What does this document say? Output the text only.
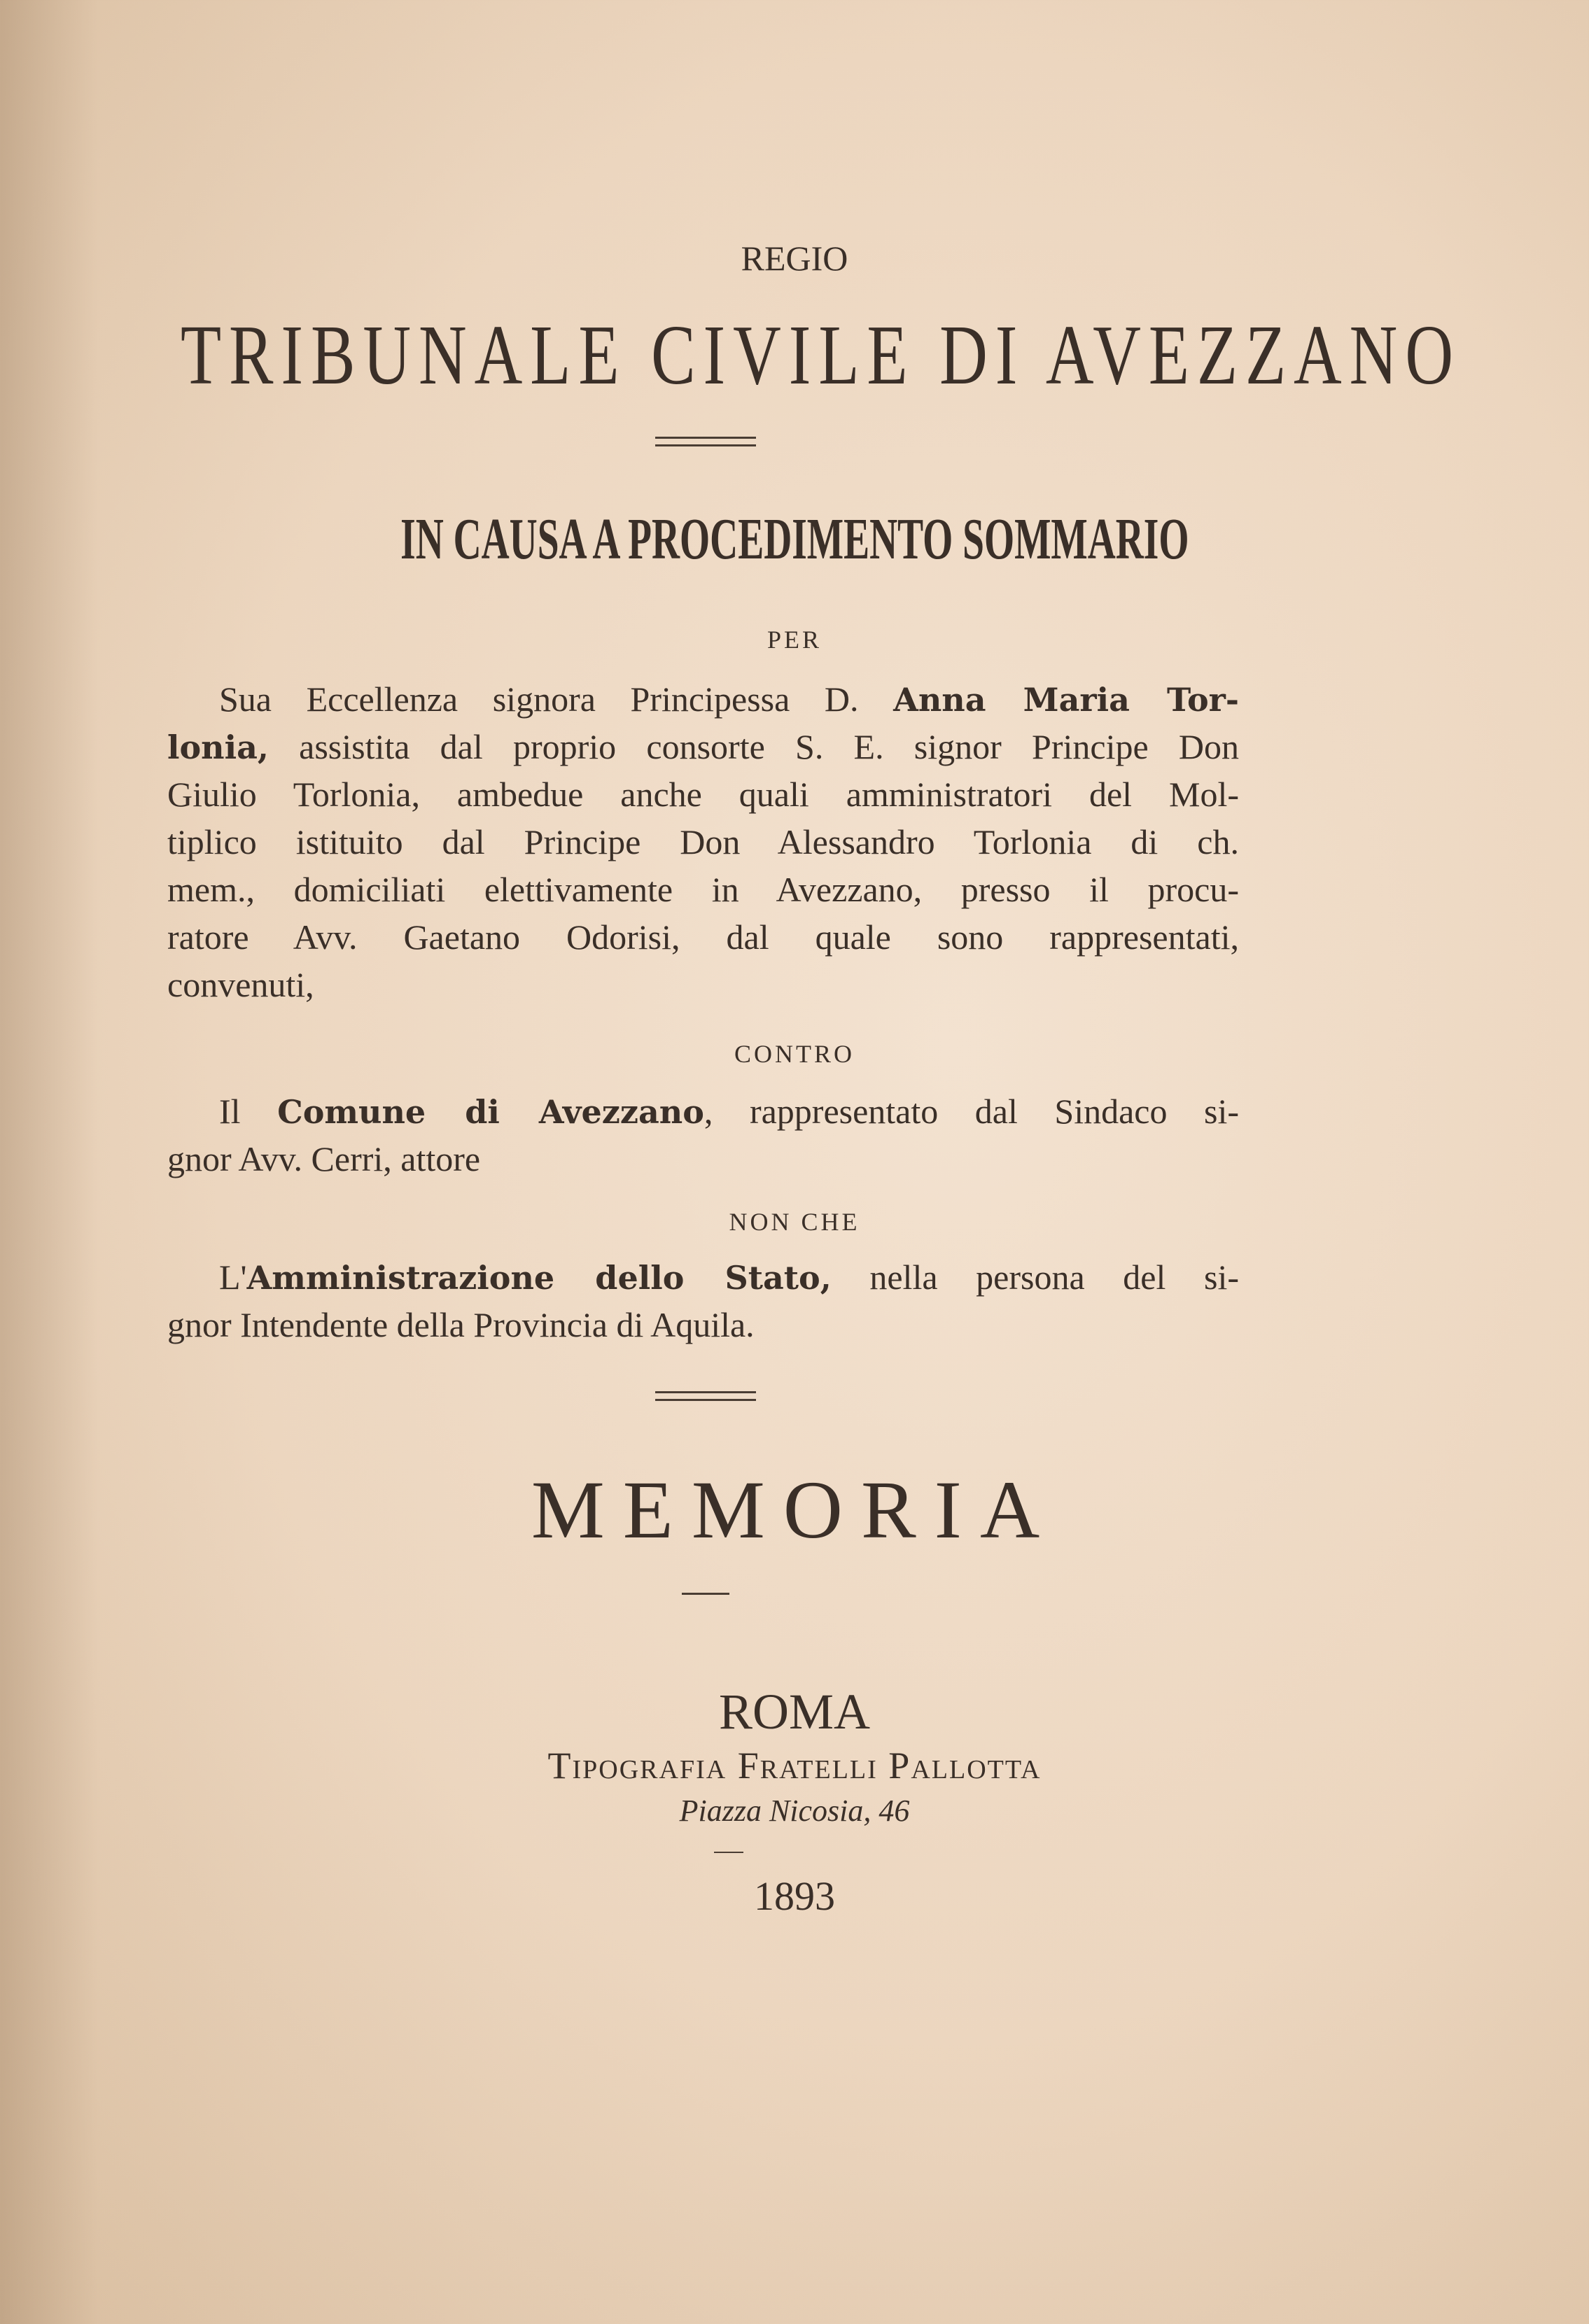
REGIO
TRIBUNALE CIVILE DI AVEZZANO
IN CAUSA A PROCEDIMENTO SOMMARIO
PER
Sua Eccellenza signora Principessa D. Anna Maria Tor-
lonia, assistita dal proprio consorte S. E. signor Principe Don
Giulio Torlonia, ambedue anche quali amministratori del Mol-
tiplico istituito dal Principe Don Alessandro Torlonia di ch.
mem., domiciliati elettivamente in Avezzano, presso il procu-
ratore Avv. Gaetano Odorisi, dal quale sono rappresentati,
convenuti,
CONTRO
Il Comune di Avezzano, rappresentato dal Sindaco si-
gnor Avv. Cerri, attore
NON CHE
L'Amministrazione dello Stato, nella persona del si-
gnor Intendente della Provincia di Aquila.
MEMORIA
ROMA
Tipografia Fratelli Pallotta
Piazza Nicosia, 46
1893
